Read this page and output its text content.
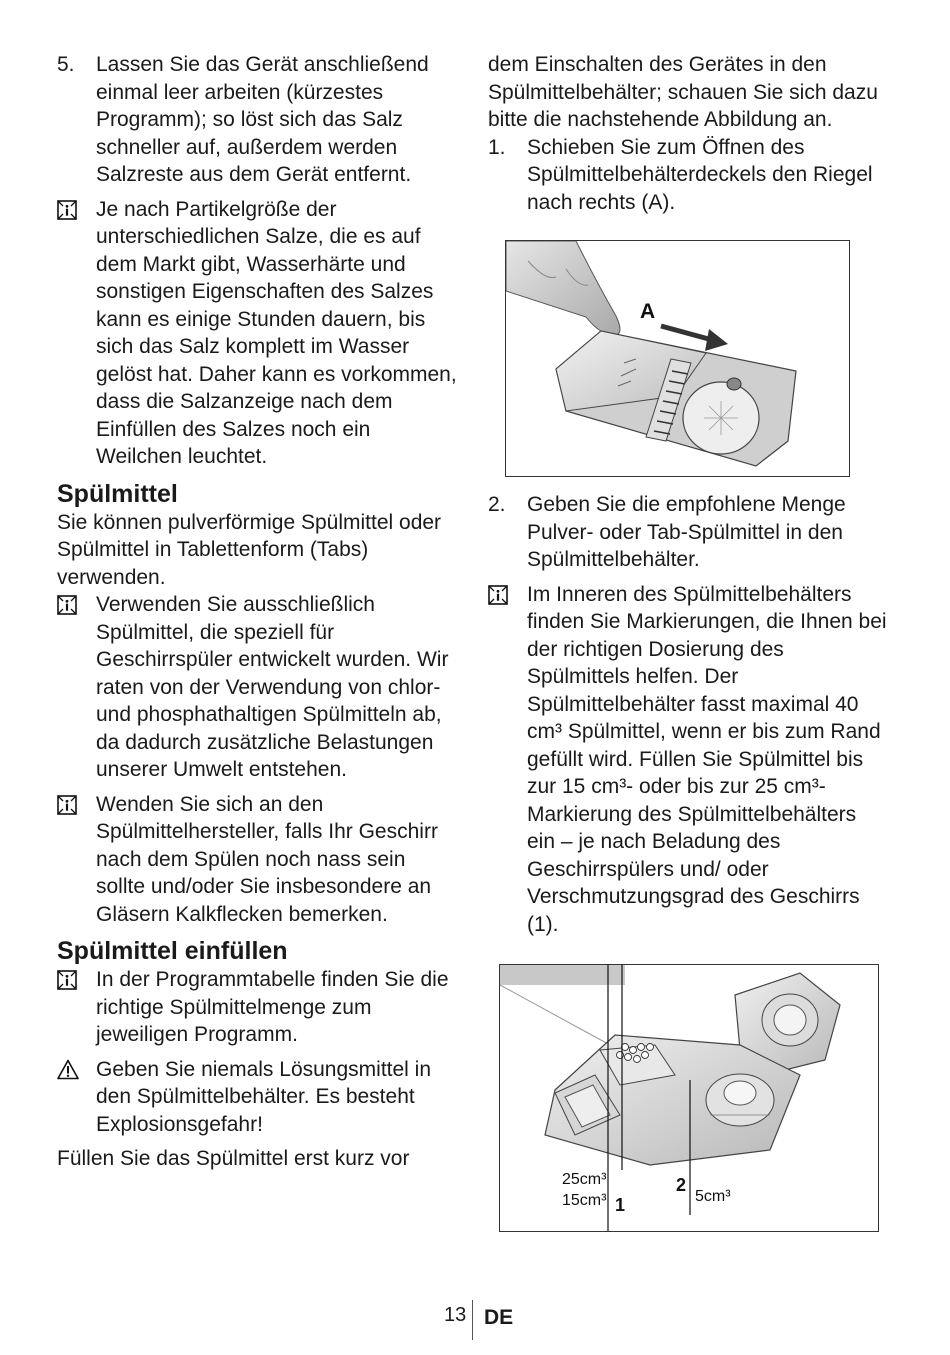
5. Lassen Sie das Gerät anschließend einmal leer arbeiten (kürzestes Programm); so löst sich das Salz schneller auf, außerdem werden Salzreste aus dem Gerät entfernt.
Je nach Partikelgröße der unterschiedlichen Salze, die es auf dem Markt gibt, Wasserhärte und sonstigen Eigenschaften des Salzes kann es einige Stunden dauern, bis sich das Salz komplett im Wasser gelöst hat. Daher kann es vorkommen, dass die Salzanzeige nach dem Einfüllen des Salzes noch ein Weilchen leuchtet.
Spülmittel
Sie können pulverförmige Spülmittel oder Spülmittel in Tablettenform (Tabs) verwenden.
Verwenden Sie ausschließlich Spülmittel, die speziell für Geschirrspüler entwickelt wurden. Wir raten von der Verwendung von chlor- und phosphathaltigen Spülmitteln ab, da dadurch zusätzliche Belastungen unserer Umwelt entstehen.
Wenden Sie sich an den Spülmittelhersteller, falls Ihr Geschirr nach dem Spülen noch nass sein sollte und/oder Sie insbesondere an Gläsern Kalkflecken bemerken.
Spülmittel einfüllen
In der Programmtabelle finden Sie die richtige Spülmittelmenge zum jeweiligen Programm.
Geben Sie niemals Lösungsmittel in den Spülmittelbehälter. Es besteht Explosionsgefahr!
Füllen Sie das Spülmittel erst kurz vor
dem Einschalten des Gerätes in den Spülmittelbehälter; schauen Sie sich dazu bitte die nachstehende Abbildung an.
1. Schieben Sie zum Öffnen des Spülmittelbehälterdeckels den Riegel nach rechts (A).
A
2. Geben Sie die empfohlene Menge Pulver- oder Tab-Spülmittel in den Spülmittelbehälter.
Im Inneren des Spülmittelbehälters finden Sie Markierungen, die Ihnen bei der richtigen Dosierung des Spülmittels helfen. Der Spülmittelbehälter fasst maximal 40 cm³ Spülmittel, wenn er bis zum Rand gefüllt wird. Füllen Sie Spülmittel bis zur 15 cm³- oder bis zur 25 cm³-Markierung des Spülmittelbehälters ein – je nach Beladung des Geschirrspülers und/ oder Verschmutzungsgrad des Geschirrs (1).
25cm³
15cm³ 1
2
5cm³
13 DE
